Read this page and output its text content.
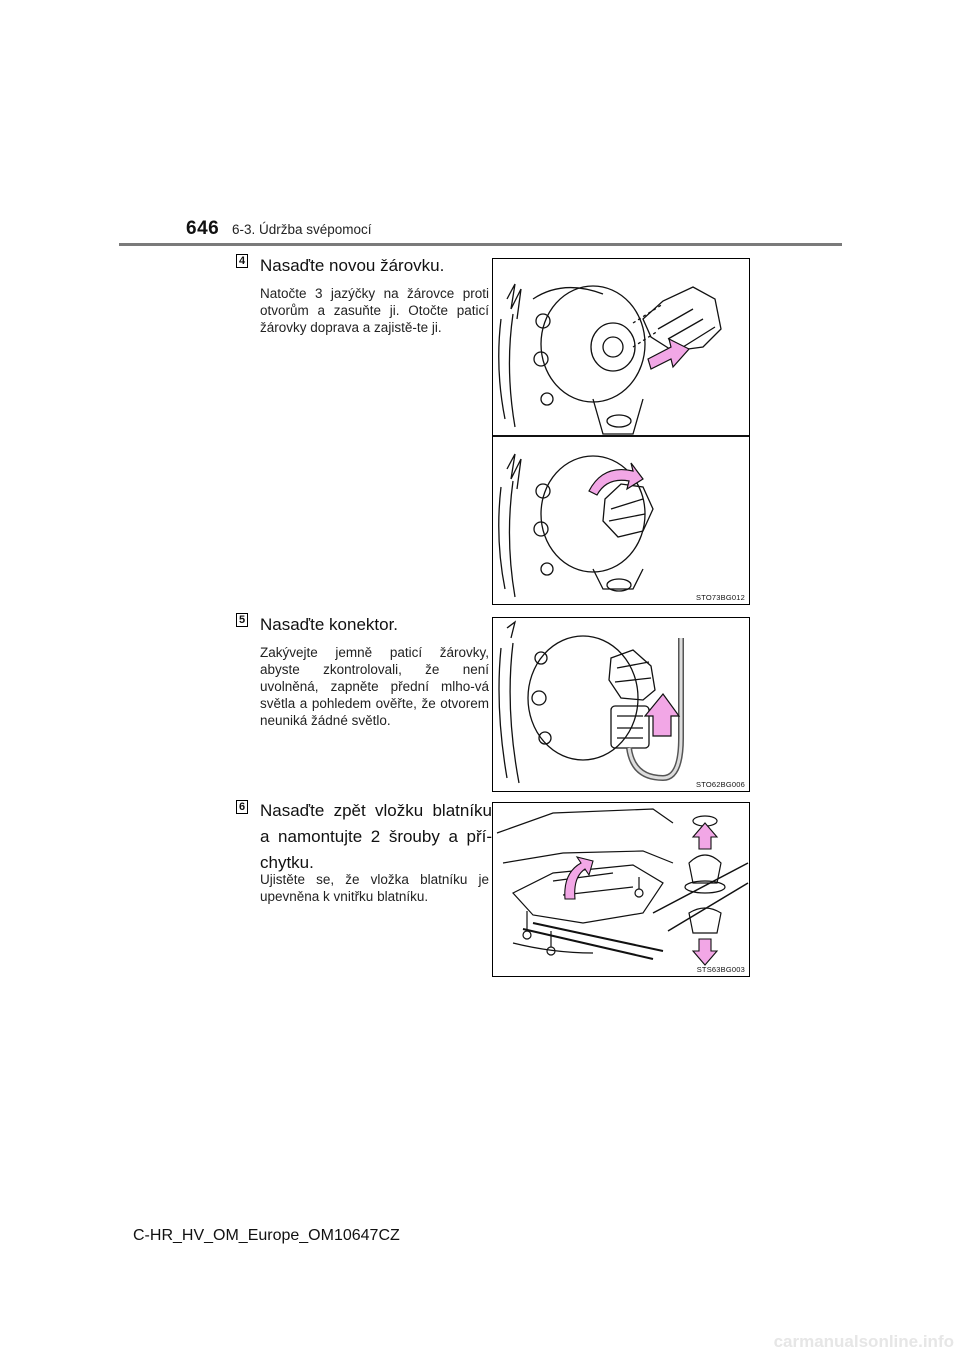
646 6-3. Údržba svépomocí
4 Nasaďte novou žárovku.
Natočte 3 jazýčky na žárovce proti otvorům a zasuňte ji. Otočte paticí žárovky doprava a zajistě-te ji.
STO73BG012
5 Nasaďte konektor.
Zakývejte jemně paticí žárovky, abyste zkontrolovali, že není uvolněná, zapněte přední mlho-vá světla a pohledem ověřte, že otvorem neuniká žádné světlo.
STO62BG006
6 Nasaďte zpět vložku blatníku a namontujte 2 šrouby a pří-chytku.
Ujistěte se, že vložka blatníku je upevněna k vnitřku blatníku.
STS63BG003
C-HR_HV_OM_Europe_OM10647CZ
carmanualsonline.info
